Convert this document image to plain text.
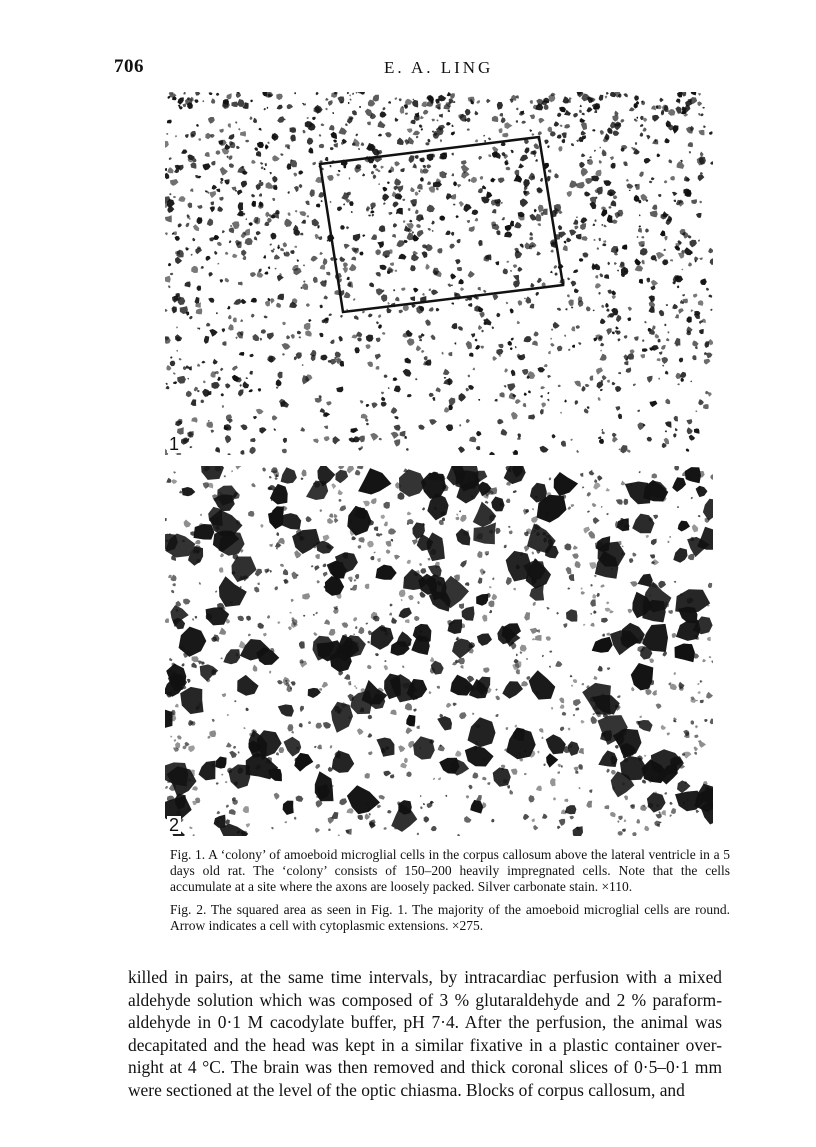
706	E. A. LING
1
2

Fig. 1. A ‘colony’ of amoeboid microglial cells in the corpus callosum above the lateral ventricle in a 5 days old rat. The ‘colony’ consists of 150–200 heavily impregnated cells. Note that the cells accumulate at a site where the axons are loosely packed. Silver carbonate stain. ×110.

Fig. 2. The squared area as seen in Fig. 1. The majority of the amoeboid microglial cells are round. Arrow indicates a cell with cytoplasmic extensions. ×275.

killed in pairs, at the same time intervals, by intracardiac perfusion with a mixed aldehyde solution which was composed of 3 % glutaraldehyde and 2 % paraform-aldehyde in 0·1 M cacodylate buffer, pH 7·4. After the perfusion, the animal was decapitated and the head was kept in a similar fixative in a plastic container over-night at 4 °C. The brain was then removed and thick coronal slices of 0·5–0·1 mm were sectioned at the level of the optic chiasma. Blocks of corpus callosum, and
